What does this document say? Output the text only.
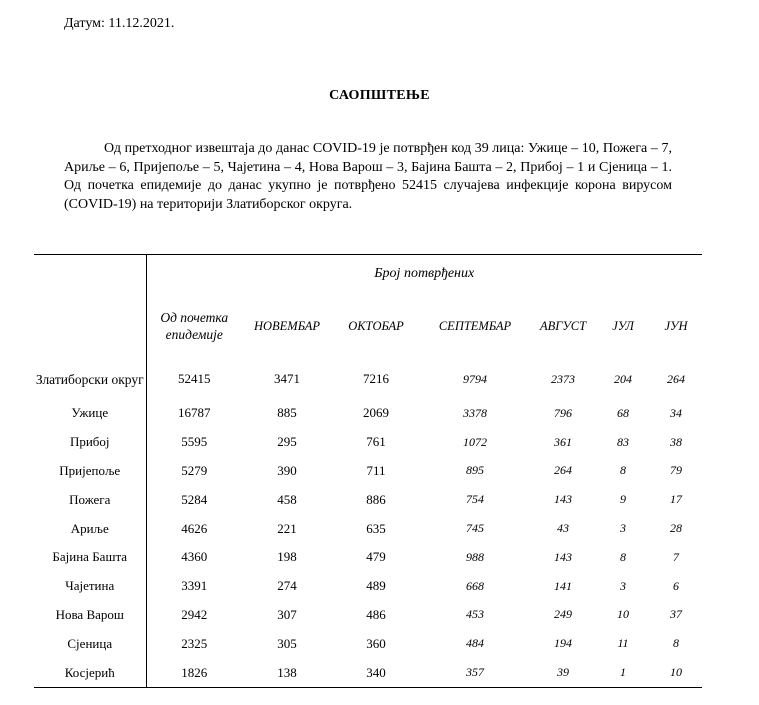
Датум: 11.12.2021.
САОПШТЕЊЕ

Од претходног извештаја до данас COVID-19 је потврђен код 39 лица: Ужице – 10, Пожега – 7, Ариље – 6, Пријепоље – 5, Чајетина – 4, Нова Варош – 3, Бајина Башта – 2, Прибој – 1 и Сјеница – 1. Од почетка епидемије до данас укупно је потврђено 52415 случајева инфекције корона вирусом (COVID-19) на територији Златиборског округа.

	Број потврђених						
	Од почетка епидемије	НОВЕМБАР	ОКТОБАР	СЕПТЕМБАР	АВГУСТ	ЈУЛ	ЈУН
Златиборски округ	52415	3471	7216	9794	2373	204	264
Ужице	16787	885	2069	3378	796	68	34
Прибој	5595	295	761	1072	361	83	38
Пријепоље	5279	390	711	895	264	8	79
Пожега	5284	458	886	754	143	9	17
Ариље	4626	221	635	745	43	3	28
Бајина Башта	4360	198	479	988	143	8	7
Чајетина	3391	274	489	668	141	3	6
Нова Варош	2942	307	486	453	249	10	37
Сјеница	2325	305	360	484	194	11	8
Косјерић	1826	138	340	357	39	1	10
